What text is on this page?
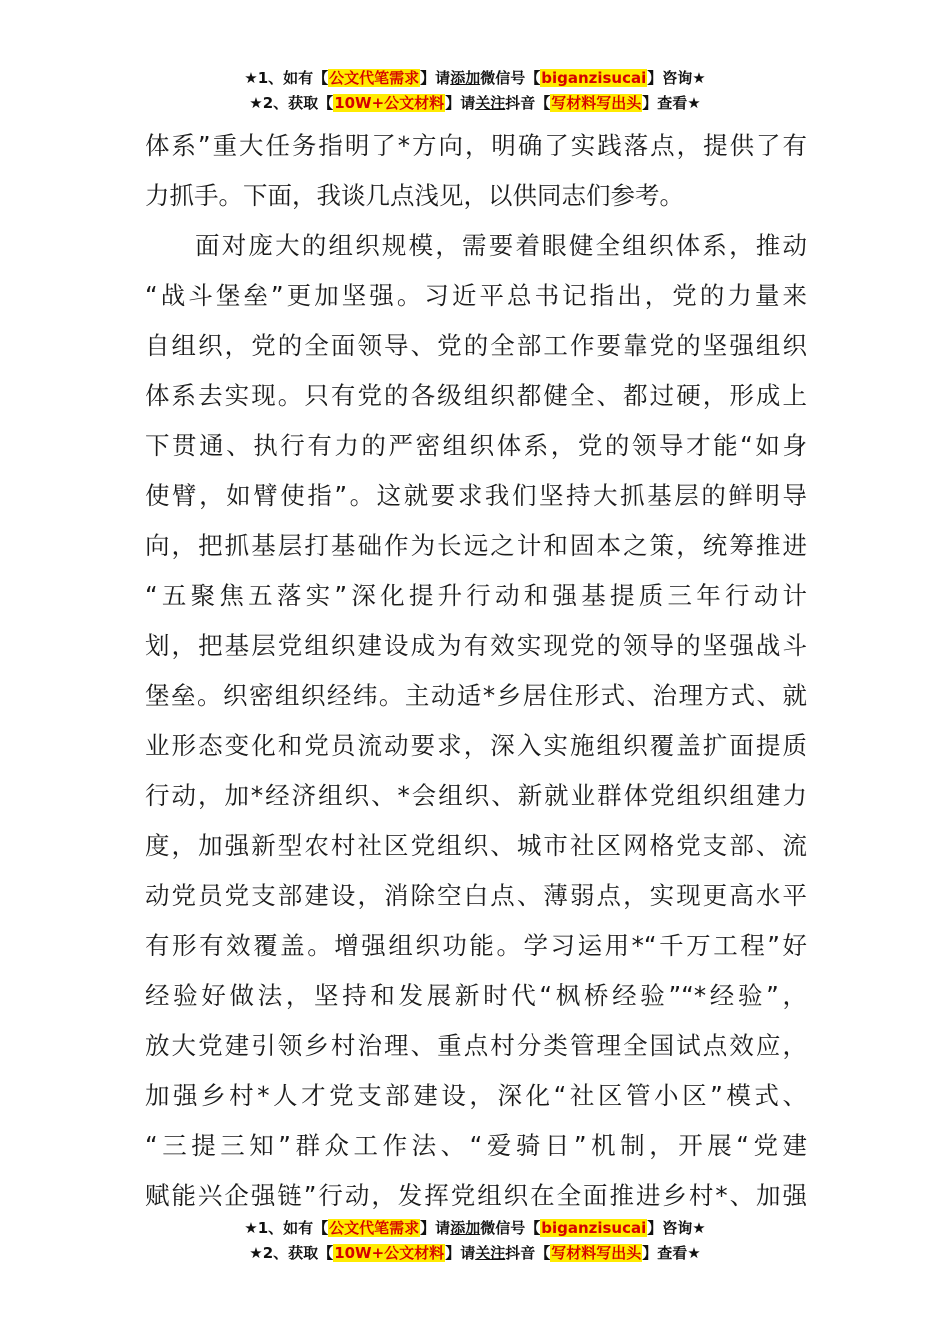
★1、如有【公文代笔需求】请添加微信号【biganzisucai】咨询★
★2、获取【10W+公文材料】请关注抖音【写材料写出头】查看★
体系”重大任务指明了*方向，明确了实践落点，提供了有
力抓手。下面，我谈几点浅见，以供同志们参考。
面对庞大的组织规模，需要着眼健全组织体系，推动
“战斗堡垒”更加坚强。习近平总书记指出，党的力量来
自组织，党的全面领导、党的全部工作要靠党的坚强组织
体系去实现。只有党的各级组织都健全、都过硬，形成上
下贯通、执行有力的严密组织体系，党的领导才能“如身
使臂，如臂使指”。这就要求我们坚持大抓基层的鲜明导
向，把抓基层打基础作为长远之计和固本之策，统筹推进
“五聚焦五落实”深化提升行动和强基提质三年行动计
划，把基层党组织建设成为有效实现党的领导的坚强战斗
堡垒。织密组织经纬。主动适*乡居住形式、治理方式、就
业形态变化和党员流动要求，深入实施组织覆盖扩面提质
行动，加*经济组织、*会组织、新就业群体党组织组建力
度，加强新型农村社区党组织、城市社区网格党支部、流
动党员党支部建设，消除空白点、薄弱点，实现更高水平
有形有效覆盖。增强组织功能。学习运用*“千万工程”好
经验好做法，坚持和发展新时代“枫桥经验”“*经验”，
放大党建引领乡村治理、重点村分类管理全国试点效应，
加强乡村*人才党支部建设，深化“社区管小区”模式、
“三提三知”群众工作法、“爱骑日”机制，开展“党建
赋能兴企强链”行动，发挥党组织在全面推进乡村*、加强
★1、如有【公文代笔需求】请添加微信号【biganzisucai】咨询★
★2、获取【10W+公文材料】请关注抖音【写材料写出头】查看★
